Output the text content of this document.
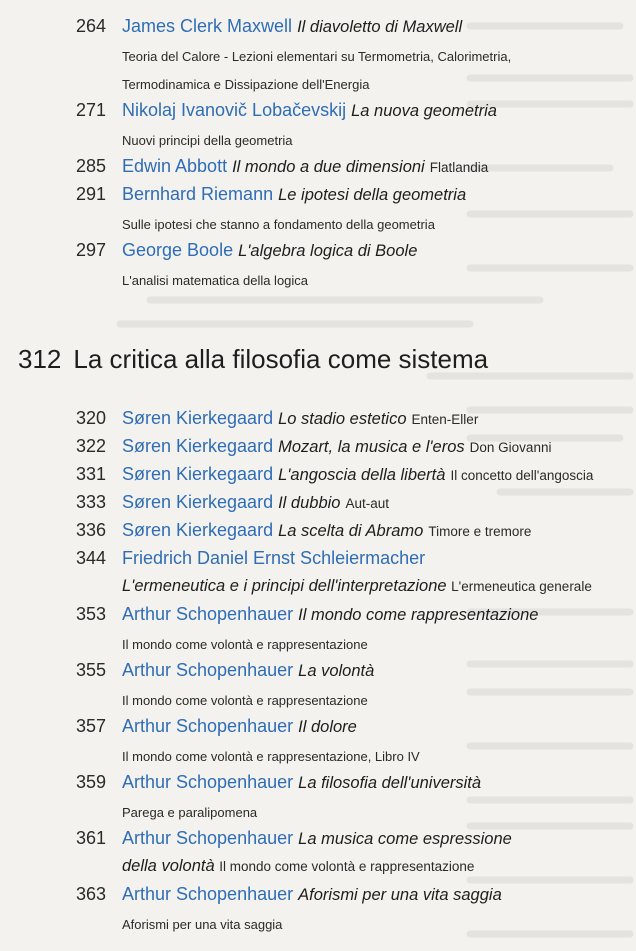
264 James Clerk Maxwell Il diavoletto di Maxwell
Teoria del Calore - Lezioni elementari su Termometria, Calorimetria,
Termodinamica e Dissipazione dell'Energia
271 Nikolaj Ivanovič Lobačevskij La nuova geometria
Nuovi principi della geometria
285 Edwin Abbott Il mondo a due dimensioni Flatlandia
291 Bernhard Riemann Le ipotesi della geometria
Sulle ipotesi che stanno a fondamento della geometria
297 George Boole L'algebra logica di Boole
L'analisi matematica della logica
312 La critica alla filosofia come sistema
320 Søren Kierkegaard Lo stadio estetico Enten-Eller
322 Søren Kierkegaard Mozart, la musica e l'eros Don Giovanni
331 Søren Kierkegaard L'angoscia della libertà Il concetto dell'angoscia
333 Søren Kierkegaard Il dubbio Aut-aut
336 Søren Kierkegaard La scelta di Abramo Timore e tremore
344 Friedrich Daniel Ernst Schleiermacher
L'ermeneutica e i principi dell'interpretazione L'ermeneutica generale
353 Arthur Schopenhauer Il mondo come rappresentazione
Il mondo come volontà e rappresentazione
355 Arthur Schopenhauer La volontà
Il mondo come volontà e rappresentazione
357 Arthur Schopenhauer Il dolore
Il mondo come volontà e rappresentazione, Libro IV
359 Arthur Schopenhauer La filosofia dell'università
Parega e paralipomena
361 Arthur Schopenhauer La musica come espressione
della volontà Il mondo come volontà e rappresentazione
363 Arthur Schopenhauer Aforismi per una vita saggia
Aforismi per una vita saggia
